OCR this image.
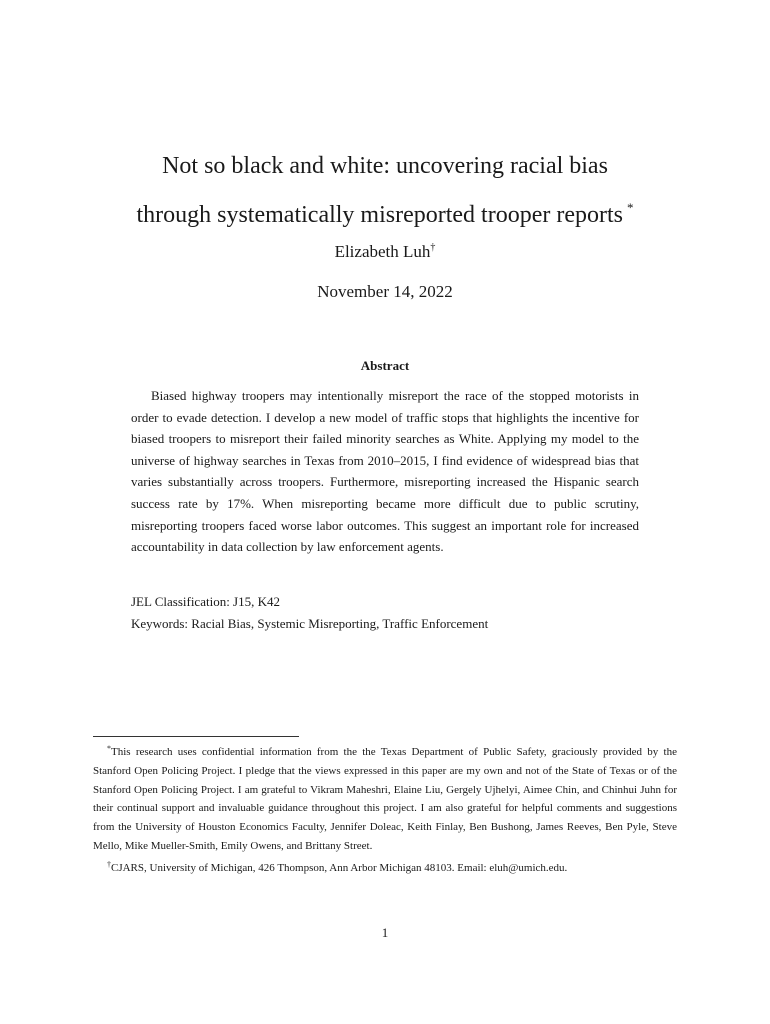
Not so black and white: uncovering racial bias
through systematically misreported trooper reports *
Elizabeth Luh†
November 14, 2022
Abstract
Biased highway troopers may intentionally misreport the race of the stopped motorists in order to evade detection. I develop a new model of traffic stops that highlights the incentive for biased troopers to misreport their failed minority searches as White. Applying my model to the universe of highway searches in Texas from 2010–2015, I find evidence of widespread bias that varies substantially across troopers. Furthermore, misreporting increased the Hispanic search success rate by 17%. When misreporting became more difficult due to public scrutiny, misreporting troopers faced worse labor outcomes. This suggest an important role for increased accountability in data collection by law enforcement agents.
JEL Classification: J15, K42
Keywords: Racial Bias, Systemic Misreporting, Traffic Enforcement

*This research uses confidential information from the the Texas Department of Public Safety, graciously provided by the Stanford Open Policing Project. I pledge that the views expressed in this paper are my own and not of the State of Texas or of the Stanford Open Policing Project. I am grateful to Vikram Maheshri, Elaine Liu, Gergely Ujhelyi, Aimee Chin, and Chinhui Juhn for their continual support and invaluable guidance throughout this project. I am also grateful for helpful comments and suggestions from the University of Houston Economics Faculty, Jennifer Doleac, Keith Finlay, Ben Bushong, James Reeves, Ben Pyle, Steve Mello, Mike Mueller-Smith, Emily Owens, and Brittany Street.

†CJARS, University of Michigan, 426 Thompson, Ann Arbor Michigan 48103. Email: eluh@umich.edu.

1
